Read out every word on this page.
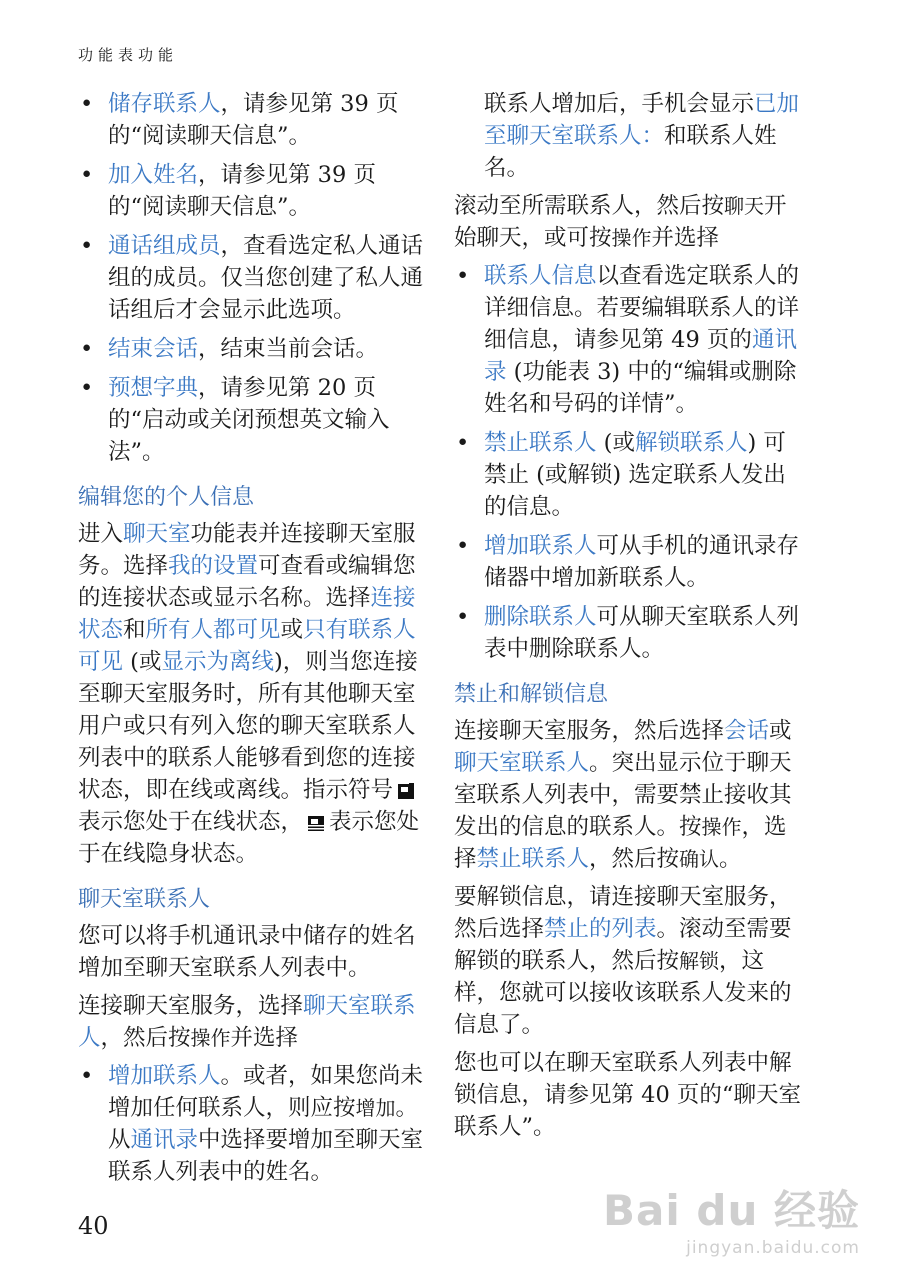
功能表功能
• 储存联系人，请参见第 39 页的“阅读聊天信息”。
• 加入姓名，请参见第 39 页的“阅读聊天信息”。
• 通话组成员，查看选定私人通话组的成员。仅当您创建了私人通话组后才会显示此选项。
• 结束会话，结束当前会话。
• 预想字典，请参见第 20 页的“启动或关闭预想英文输入法”。
编辑您的个人信息
进入聊天室功能表并连接聊天室服务。选择我的设置可查看或编辑您的连接状态或显示名称。选择连接状态和所有人都可见或只有联系人可见 (或显示为离线)，则当您连接至聊天室服务时，所有其他聊天室用户或只有列入您的聊天室联系人列表中的联系人能够看到您的连接状态，即在线或离线。指示符号表示您处于在线状态， 表示您处于在线隐身状态。
聊天室联系人
您可以将手机通讯录中储存的姓名增加至聊天室联系人列表中。
连接聊天室服务，选择聊天室联系人，然后按操作并选择
• 增加联系人。或者，如果您尚未增加任何联系人，则应按增加。从通讯录中选择要增加至聊天室联系人列表中的姓名。
联系人增加后，手机会显示已加至聊天室联系人：和联系人姓名。
滚动至所需联系人，然后按聊天开始聊天，或可按操作并选择
• 联系人信息以查看选定联系人的详细信息。若要编辑联系人的详细信息，请参见第 49 页的通讯录 (功能表 3) 中的“编辑或删除姓名和号码的详情”。
• 禁止联系人 (或解锁联系人) 可禁止 (或解锁) 选定联系人发出的信息。
• 增加联系人可从手机的通讯录存储器中增加新联系人。
• 删除联系人可从聊天室联系人列表中删除联系人。
禁止和解锁信息
连接聊天室服务，然后选择会话或聊天室联系人。突出显示位于聊天室联系人列表中，需要禁止接收其发出的信息的联系人。按操作，选择禁止联系人，然后按确认。
要解锁信息，请连接聊天室服务，然后选择禁止的列表。滚动至需要解锁的联系人，然后按解锁，这样，您就可以接收该联系人发来的信息了。
您也可以在聊天室联系人列表中解锁信息，请参见第 40 页的“聊天室联系人”。
40	Bai du 经验
jingyan.baidu.com
